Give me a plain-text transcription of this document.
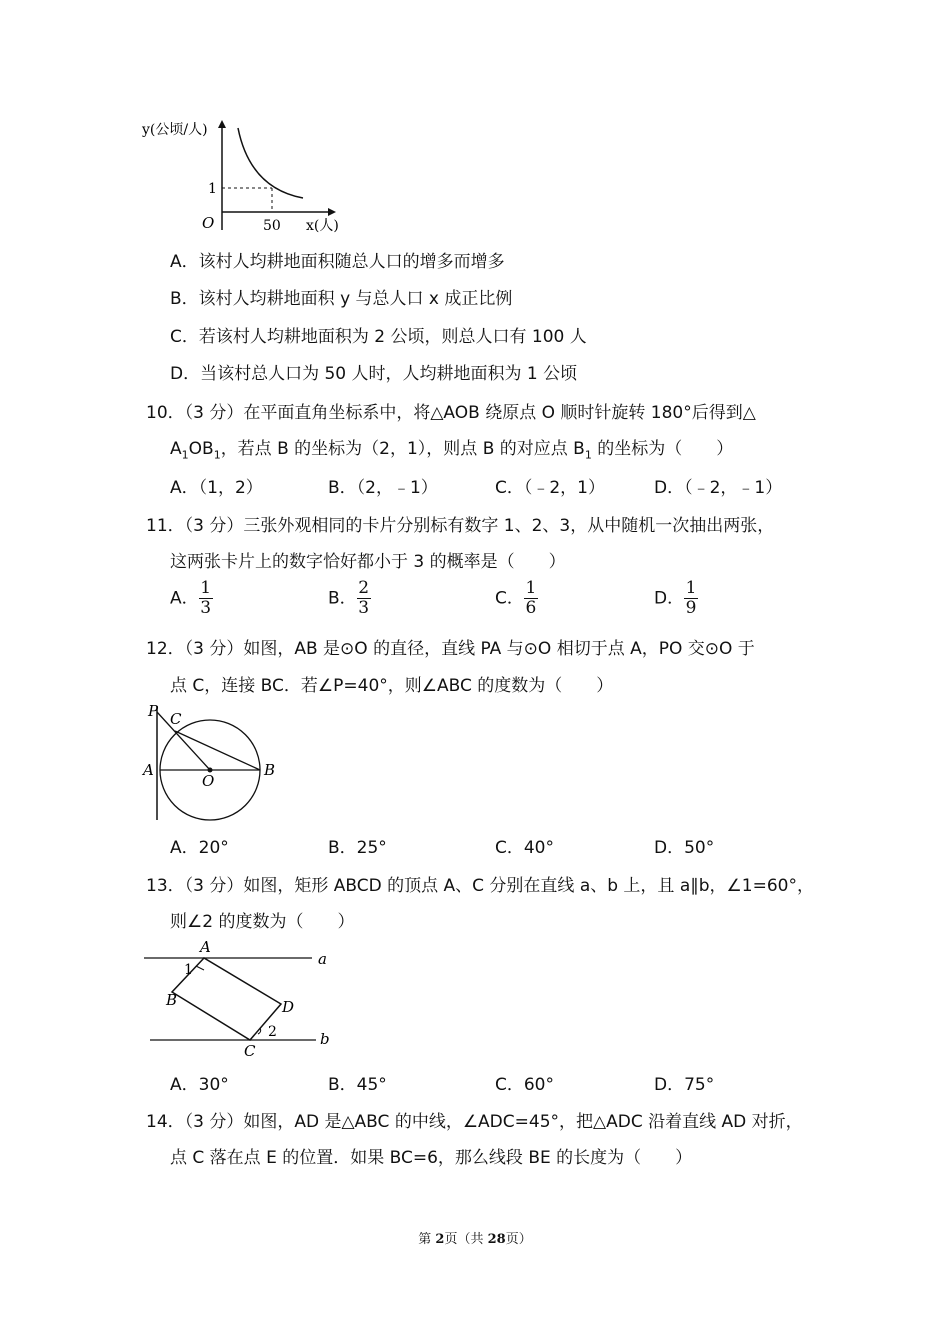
y(公顷/人)
x(人)
O
1
50
A．该村人均耕地面积随总人口的增多而增多
B．该村人均耕地面积 y 与总人口 x 成正比例
C．若该村人均耕地面积为 2 公顷，则总人口有 100 人
D．当该村总人口为 50 人时，人均耕地面积为 1 公顷
10．（3 分）在平面直角坐标系中，将△AOB 绕原点 O 顺时针旋转 180°后得到△
$A_1OB_1$，若点 B 的坐标为（2，1），则点 B 的对应点 $B_1$ 的坐标为（　　）
A．（1，2）	B．（2，﹣1）	C．（﹣2，1）	D．（﹣2，﹣1）
11．（3 分）三张外观相同的卡片分别标有数字 1、2、3，从中随机一次抽出两张，
这两张卡片上的数字恰好都小于 3 的概率是（　　）
A． $\frac{1}{3}$	B． $\frac{2}{3}$	C． $\frac{1}{6}$	D． $\frac{1}{9}$
12．（3 分）如图，AB 是⊙O 的直径，直线 PA 与⊙O 相切于点 A，PO 交⊙O 于
点 C，连接 BC．若∠P=40°，则∠ABC 的度数为（　　）
P C
A
O
B
A．20°	B．25°	C．40°	D．50°
13．（3 分）如图，矩形 ABCD 的顶点 A、C 分别在直线 a、b 上，且 a∥b，∠1=60°，
则∠2 的度数为（　　）
A
B
C
D
a
b
1
2
A．30°	B．45°	C．60°	D．75°
14．（3 分）如图，AD 是△ABC 的中线，∠ADC=45°，把△ADC 沿着直线 AD 对折，
点 C 落在点 E 的位置．如果 BC=6，那么线段 BE 的长度为（　　）
第 2页（共 28页）
